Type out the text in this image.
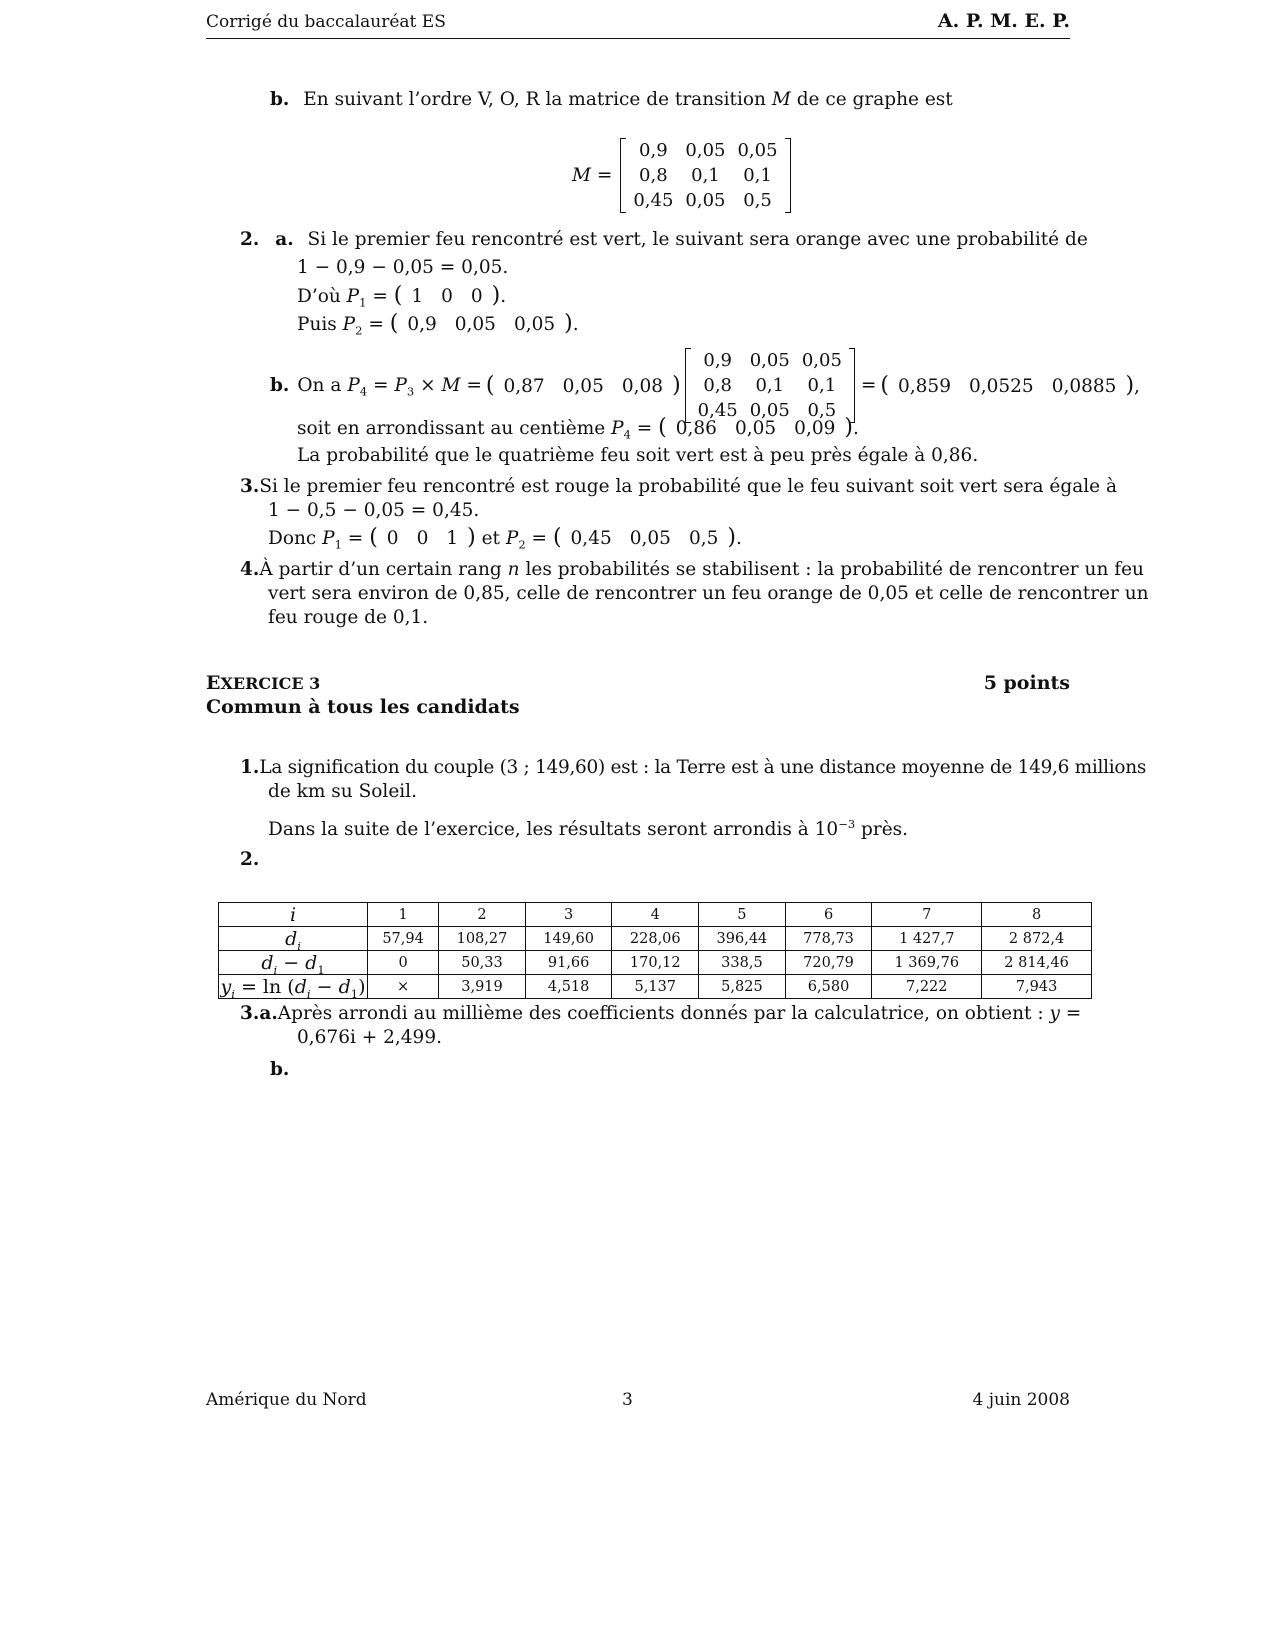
Corrigé du baccalauréat ES	A. P. M. E. P.
b. En suivant l’ordre V, O, R la matrice de transition M de ce graphe est
M =
0,9	0,05	0,05
0,8	0,1	0,1
0,45	0,05	0,5
2. a. Si le premier feu rencontré est vert, le suivant sera orange avec une probabilité de
1 − 0,9 − 0,05 = 0,05.
D’où $P_1$ = ( 1 0 0 ).
Puis $P_2$ = ( 0,9 0,05 0,05 ).
b. On a $P_4 = P_3 \times M$ = ( 0,87 0,05 0,08 )
0,9	0,05	0,05
0,8	0,1	0,1
0,45	0,05	0,5
= ( 0,859 0,0525 0,0885 ),
soit en arrondissant au centième $P_4$ = ( 0,86 0,05 0,09 ).
La probabilité que le quatrième feu soit vert est à peu près égale à 0,86.
3. Si le premier feu rencontré est rouge la probabilité que le feu suivant soit vert sera égale à
1 − 0,5 − 0,05 = 0,45.
Donc $P_1$ = ( 0 0 1 ) et $P_2$ = ( 0,45 0,05 0,5 ).
4. À partir d’un certain rang n les probabilités se stabilisent : la probabilité de rencontrer un feu
vert sera environ de 0,85, celle de rencontrer un feu orange de 0,05 et celle de rencontrer un
feu rouge de 0,1.
EXERCICE 3	5 points
Commun à tous les candidats
1. La signification du couple (3 ; 149,60) est : la Terre est à une distance moyenne de 149,6 millions
de km su Soleil.
Dans la suite de l’exercice, les résultats seront arrondis à $10^{-3}$ près.
2.
i	1	2	3	4	5	6	7	8
$d_i$	57,94	108,27	149,60	228,06	396,44	778,73	1 427,7	2 872,4
$d_i - d_1$	0	50,33	91,66	170,12	338,5	720,79	1 369,76	2 814,46
$y_i = \ln (d_i - d_1)$	×	3,919	4,518	5,137	5,825	6,580	7,222	7,943
3. a. Après arrondi au millième des coefficients donnés par la calculatrice, on obtient : y =
0,676i + 2,499.
b.
Amérique du Nord	3	4 juin 2008
